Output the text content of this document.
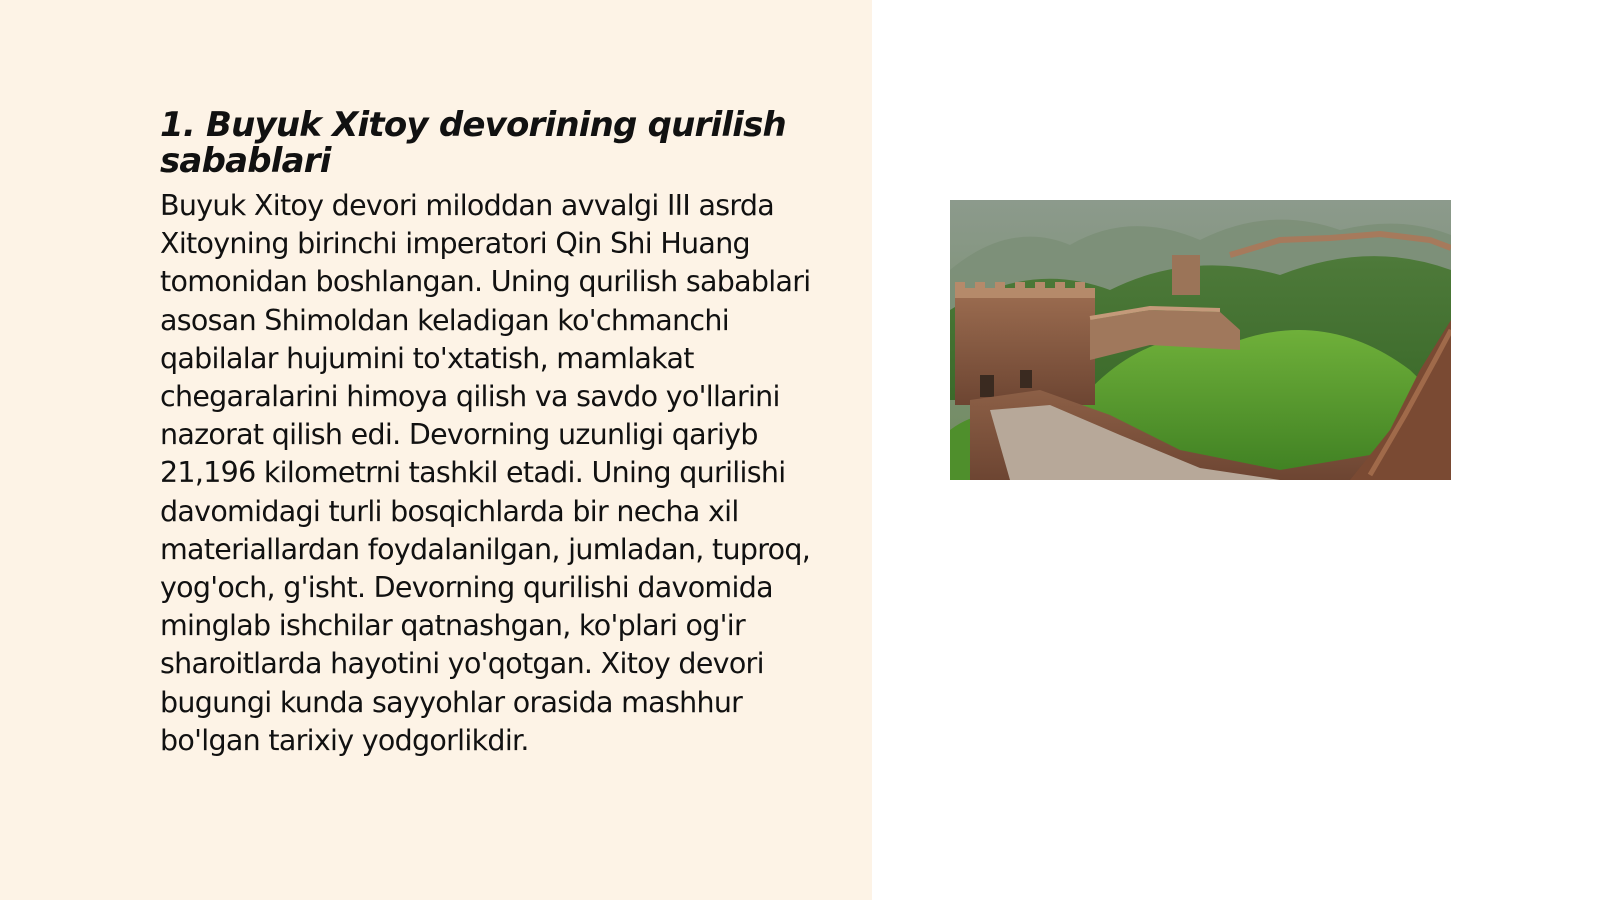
1. Buyuk Xitoy devorining qurilish sabablari

Buyuk Xitoy devori miloddan avvalgi III asrda Xitoyning birinchi imperatori Qin Shi Huang tomonidan boshlangan. Uning qurilish sabablari asosan Shimoldan keladigan ko'chmanchi qabilalar hujumini to'xtatish, mamlakat chegaralarini himoya qilish va savdo yo'llarini nazorat qilish edi. Devorning uzunligi qariyb 21,196 kilometrni tashkil etadi. Uning qurilishi davomidagi turli bosqichlarda bir necha xil materiallardan foydalanilgan, jumladan, tuproq, yog'och, g'isht. Devorning qurilishi davomida minglab ishchilar qatnashgan, ko'plari og'ir sharoitlarda hayotini yo'qotgan. Xitoy devori bugungi kunda sayyohlar orasida mashhur bo'lgan tarixiy yodgorlikdir.
